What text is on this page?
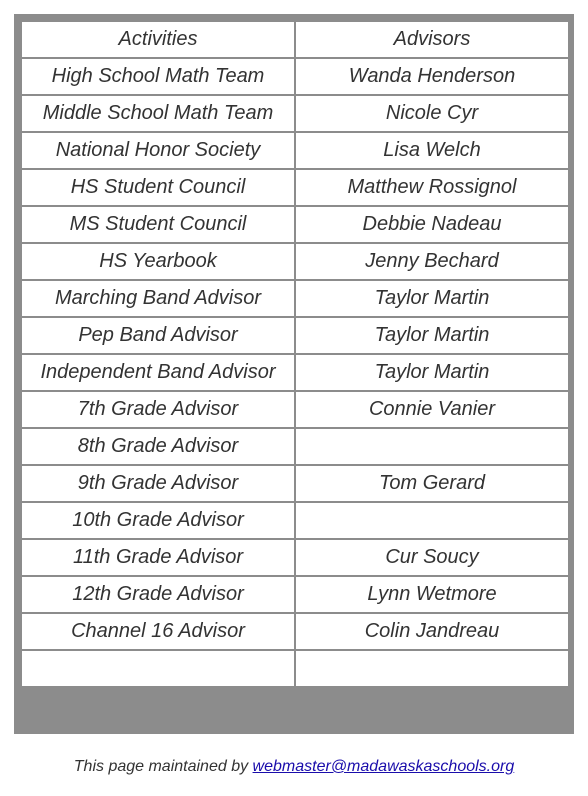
Activities	Advisors
High School Math Team	Wanda Henderson
Middle School Math Team	Nicole Cyr
National Honor Society	Lisa Welch
HS Student Council	Matthew Rossignol
MS Student Council	Debbie Nadeau
HS Yearbook	Jenny Bechard
Marching Band Advisor	Taylor Martin
Pep Band Advisor	Taylor Martin
Independent Band Advisor	Taylor Martin
7th Grade Advisor	Connie Vanier
8th Grade Advisor	
9th Grade Advisor	Tom Gerard
10th Grade Advisor	
11th Grade Advisor	Cur Soucy
12th Grade Advisor	Lynn Wetmore
Channel 16 Advisor	Colin Jandreau

This page maintained by webmaster@madawaskaschools.org
